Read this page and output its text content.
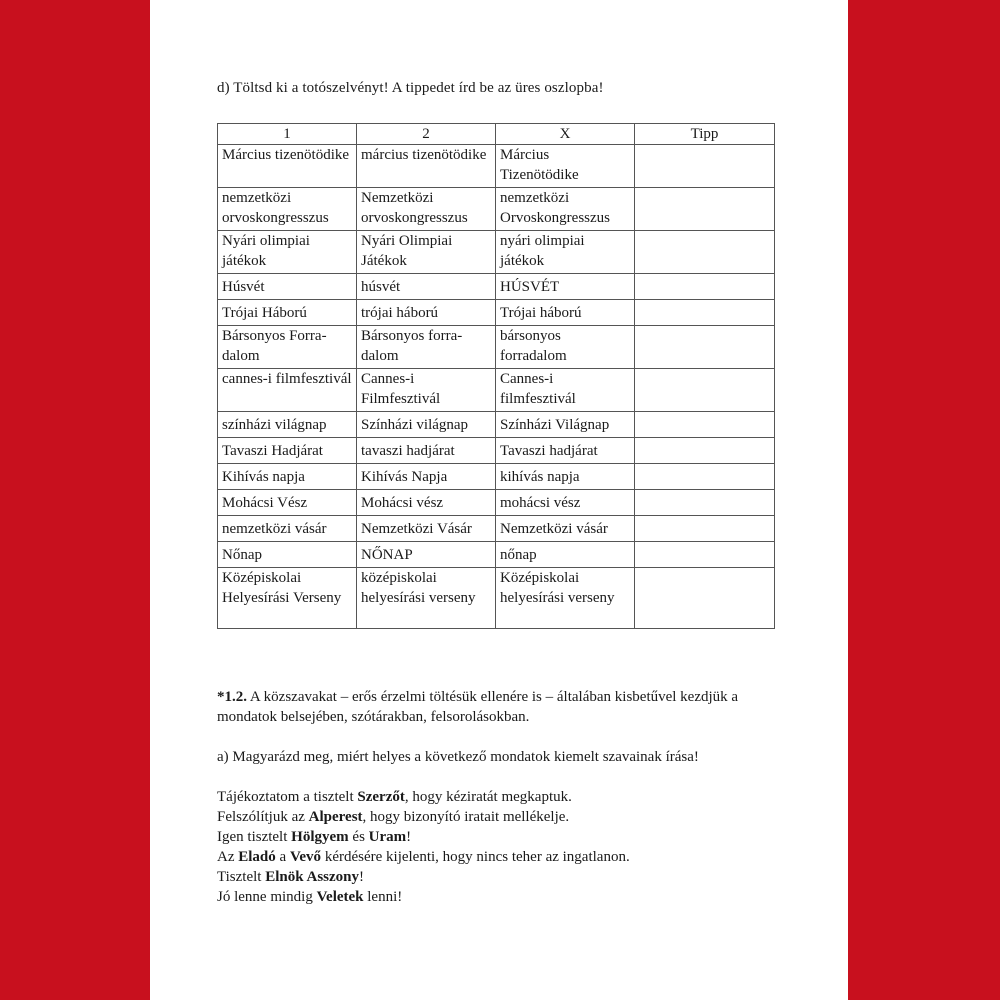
d) Töltsd ki a totószelvényt! A tippedet írd be az üres oszlopba!

1	2	X	Tipp
Március tizenötödike	március tizenötödike	Március Tizenötödike	
nemzetközi orvoskongresszus	Nemzetközi orvoskongresszus	nemzetközi Orvoskongresszus	
Nyári olimpiai játékok	Nyári Olimpiai Játékok	nyári olimpiai játékok	
Húsvét	húsvét	HÚSVÉT	
Trójai Háború	trójai háború	Trójai háború	
Bársonyos Forra-dalom	Bársonyos forra-dalom	bársonyos forradalom	
cannes-i filmfesztivál	Cannes-i Filmfesztivál	Cannes-i filmfesztivál	
színházi világnap	Színházi világnap	Színházi Világnap	
Tavaszi Hadjárat	tavaszi hadjárat	Tavaszi hadjárat	
Kihívás napja	Kihívás Napja	kihívás napja	
Mohácsi Vész	Mohácsi vész	mohácsi vész	
nemzetközi vásár	Nemzetközi Vásár	Nemzetközi vásár	
Nőnap	NŐNAP	nőnap	
Középiskolai Helyesírási Verseny	középiskolai helyesírási verseny	Középiskolai helyesírási verseny	

*1.2. A közszavakat – erős érzelmi töltésük ellenére is – általában kisbetűvel kezdjük a mondatok belsejében, szótárakban, felsorolásokban.

a) Magyarázd meg, miért helyes a következő mondatok kiemelt szavainak írása!

Tájékoztatom a tisztelt Szerzőt, hogy kéziratát megkaptuk.
Felszólítjuk az Alperest, hogy bizonyító iratait mellékelje.
Igen tisztelt Hölgyem és Uram!
Az Eladó a Vevő kérdésére kijelenti, hogy nincs teher az ingatlanon.
Tisztelt Elnök Asszony!
Jó lenne mindig Veletek lenni!
